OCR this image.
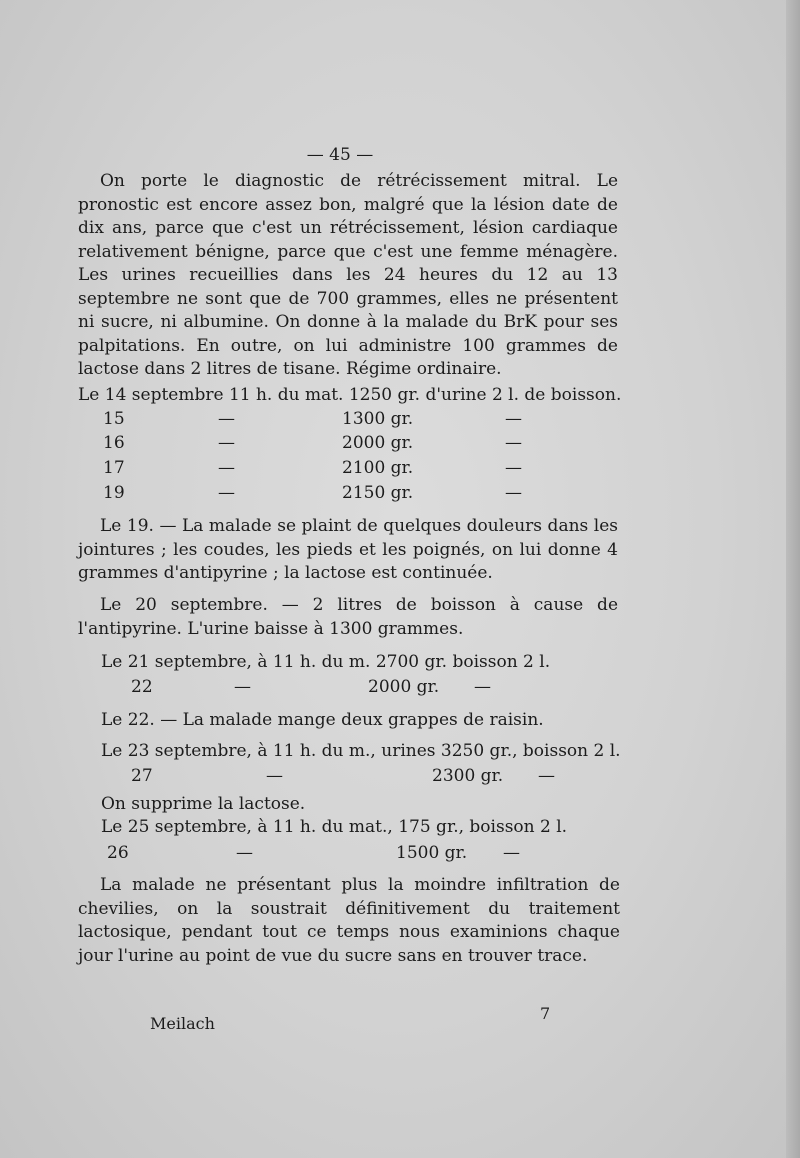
— 45 —
On porte le diagnostic de rétrécissement mitral. Le pronostic est encore assez bon, malgré que la lésion date de dix ans, parce que c'est un rétrécissement, lésion cardiaque relativement bénigne, parce que c'est une femme ménagère. Les urines recueillies dans les 24 heures du 12 au 13 septembre ne sont que de 700 grammes, elles ne présentent ni sucre, ni albumine. On donne à la malade du BrK pour ses palpitations. En outre, on lui administre 100 grammes de lactose dans 2 litres de tisane. Régime ordinaire.
Le 14 septembre 11 h. du mat. 1250 gr. d'urine 2 l. de boisson.
15	—	1300 gr.	—
16	—	2000 gr.	—
17	—	2100 gr.	—
19	—	2150 gr.	—
Le 19. — La malade se plaint de quelques douleurs dans les jointures ; les coudes, les pieds et les poignés, on lui donne 4 grammes d'antipyrine ; la lactose est continuée.
Le 20 septembre. — 2 litres de boisson à cause de l'antipyrine. L'urine baisse à 1300 grammes.
Le 21 septembre, à 11 h. du m. 2700 gr. boisson 2 l.
22	—	2000 gr. —
Le 22. — La malade mange deux grappes de raisin.
Le 23 septembre, à 11 h. du m., urines 3250 gr., boisson 2 l.
27	—	2300 gr. —
On supprime la lactose.
Le 25 septembre, à 11 h. du mat., 175 gr., boisson 2 l.
26	—	1500 gr. —
La malade ne présentant plus la moindre infiltration de chevilies, on la soustrait définitivement du traitement lactosique, pendant tout ce temps nous examinions chaque jour l'urine au point de vue du sucre sans en trouver trace.
Meilach
7
